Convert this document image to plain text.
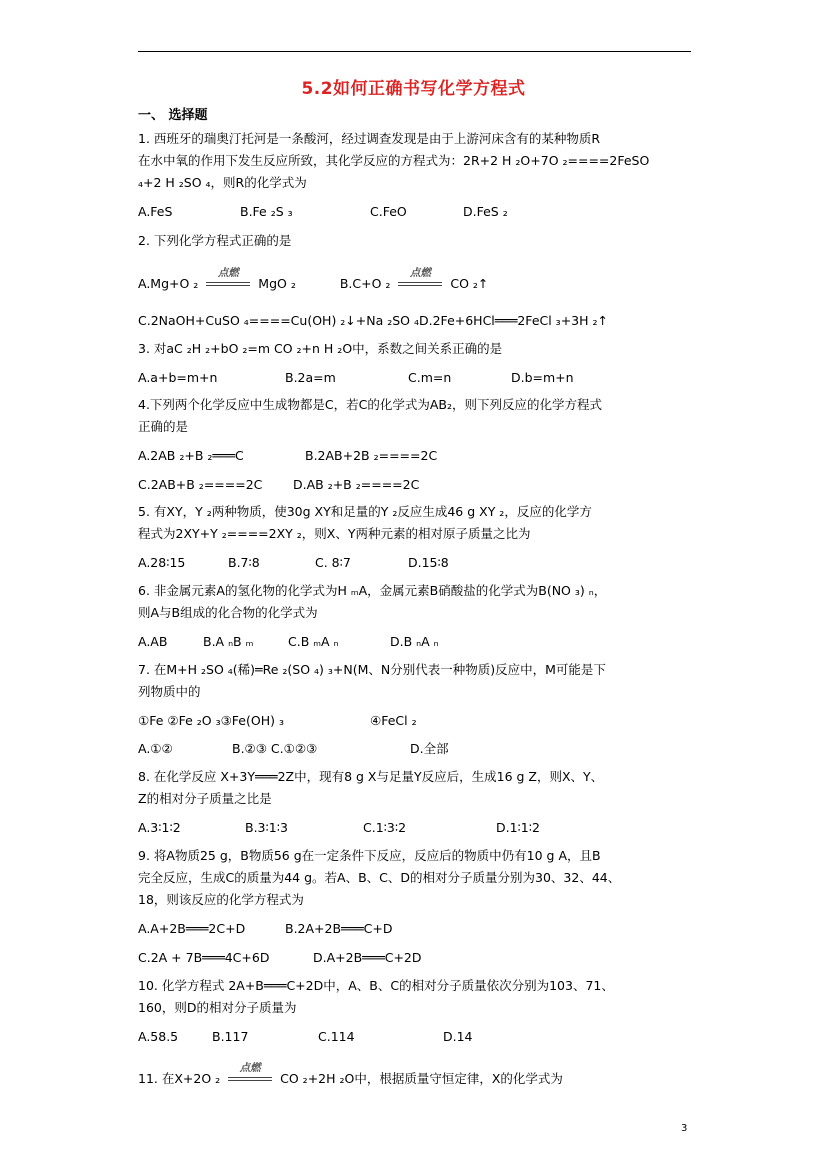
5.2如何正确书写化学方程式
一、 选择题
1. 西班牙的瑞奥汀托河是一条酸河，经过调查发现是由于上游河床含有的某种物质R
在水中氧的作用下发生反应所致，其化学反应的方程式为：2R+2 H ₂O+7O ₂====2FeSO
₄+2 H ₂SO ₄，则R的化学式为
A.FeS	B.Fe ₂S ₃	C.FeO	D.FeS ₂
2. 下列化学方程式正确的是
A.Mg+O ₂
点燃
MgO ₂	B.C+O ₂
点燃
CO ₂↑
C.2NaOH+CuSO ₄====Cu(OH) ₂↓+Na ₂SO ₄D.2Fe+6HCl═══2FeCl ₃+3H ₂↑
3. 对aC ₂H ₂+bO ₂=m CO ₂+n H ₂O中，系数之间关系正确的是
A.a+b=m+n	B.2a=m	C.m=n	D.b=m+n
4.下列两个化学反应中生成物都是C，若C的化学式为AB₂，则下列反应的化学方程式
正确的是
A.2AB ₂+B ₂═══C	B.2AB+2B ₂====2C
C.2AB+B ₂====2C D.AB ₂+B ₂====2C
5. 有XY，Y ₂两种物质，使30g XY和足量的Y ₂反应生成46 g XY ₂，反应的化学方
程式为2XY+Y ₂====2XY ₂，则X、Y两种元素的相对原子质量之比为
A.28∶15	B.7∶8	C. 8∶7	D.15∶8
6. 非金属元素A的氢化物的化学式为H ₘA，金属元素B硝酸盐的化学式为B(NO ₃) ₙ，
则A与B组成的化合物的化学式为
A.AB	B.A ₙB ₘ	C.B ₘA ₙ	D.B ₙA ₙ
7. 在M+H ₂SO ₄(稀)═Re ₂(SO ₄) ₃+N(M、N分别代表一种物质)反应中，M可能是下
列物质中的
①Fe ②Fe ₂O ₃③Fe(OH) ₃	④FeCl ₂
A.①②	B.②③ C.①②③	D.全部
8. 在化学反应 X+3Y═══2Z中，现有8 g X与足量Y反应后，生成16 g Z，则X、Y、
Z的相对分子质量之比是
A.3∶1∶2	B.3∶1∶3	C.1∶3∶2	D.1∶1∶2
9. 将A物质25 g，B物质56 g在一定条件下反应，反应后的物质中仍有10 g A，且B
完全反应，生成C的质量为44 g。若A、B、C、D的相对分子质量分别为30、32、44、
18，则该反应的化学方程式为
A.A+2B═══2C+D	B.2A+2B═══C+D
C.2A + 7B═══4C+6D	D.A+2B═══C+2D
10. 化学方程式 2A+B═══C+2D中，A、B、C的相对分子质量依次分别为103、71、
160，则D的相对分子质量为
A.58.5	B.117	C.114	D.14
11. 在X+2O ₂
点燃
CO ₂+2H ₂O中，根据质量守恒定律，X的化学式为
3
